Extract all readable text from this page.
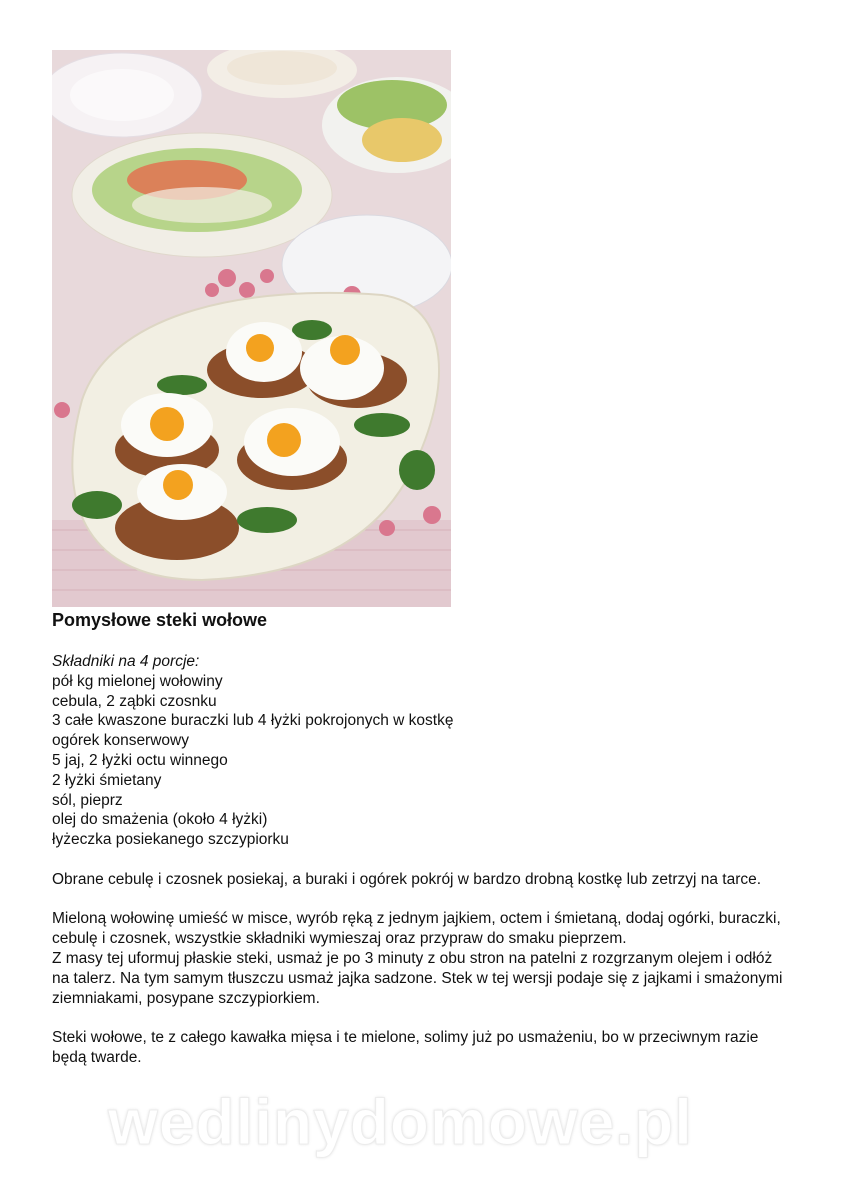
Pomysłowe steki wołowe
Składniki na 4 porcje:
pół kg mielonej wołowiny
cebula, 2 ząbki czosnku
3 całe kwaszone buraczki lub 4 łyżki pokrojonych w kostkę
ogórek konserwowy
5 jaj, 2 łyżki octu winnego
2 łyżki śmietany
sól, pieprz
olej do smażenia (około 4 łyżki)
łyżeczka posiekanego szczypiorku

Obrane cebulę i czosnek posiekaj, a buraki i ogórek pokrój w bardzo drobną kostkę lub zetrzyj na tarce.

Mieloną wołowinę umieść w misce, wyrób ręką z jednym jajkiem, octem i śmietaną, dodaj ogórki, buraczki, cebulę i czosnek, wszystkie składniki wymieszaj oraz przypraw do smaku pieprzem.

Z masy tej uformuj płaskie steki, usmaż je po 3 minuty z obu stron na patelni z rozgrzanym olejem i odłóż na talerz. Na tym samym tłuszczu usmaż jajka sadzone. Stek w tej wersji podaje się z jajkami i smażonymi ziemniakami, posypane szczypiorkiem.

Steki wołowe, te z całego kawałka mięsa i te mielone, solimy już po usmażeniu, bo w przeciwnym razie będą twarde.

wedlinydomowe.pl
